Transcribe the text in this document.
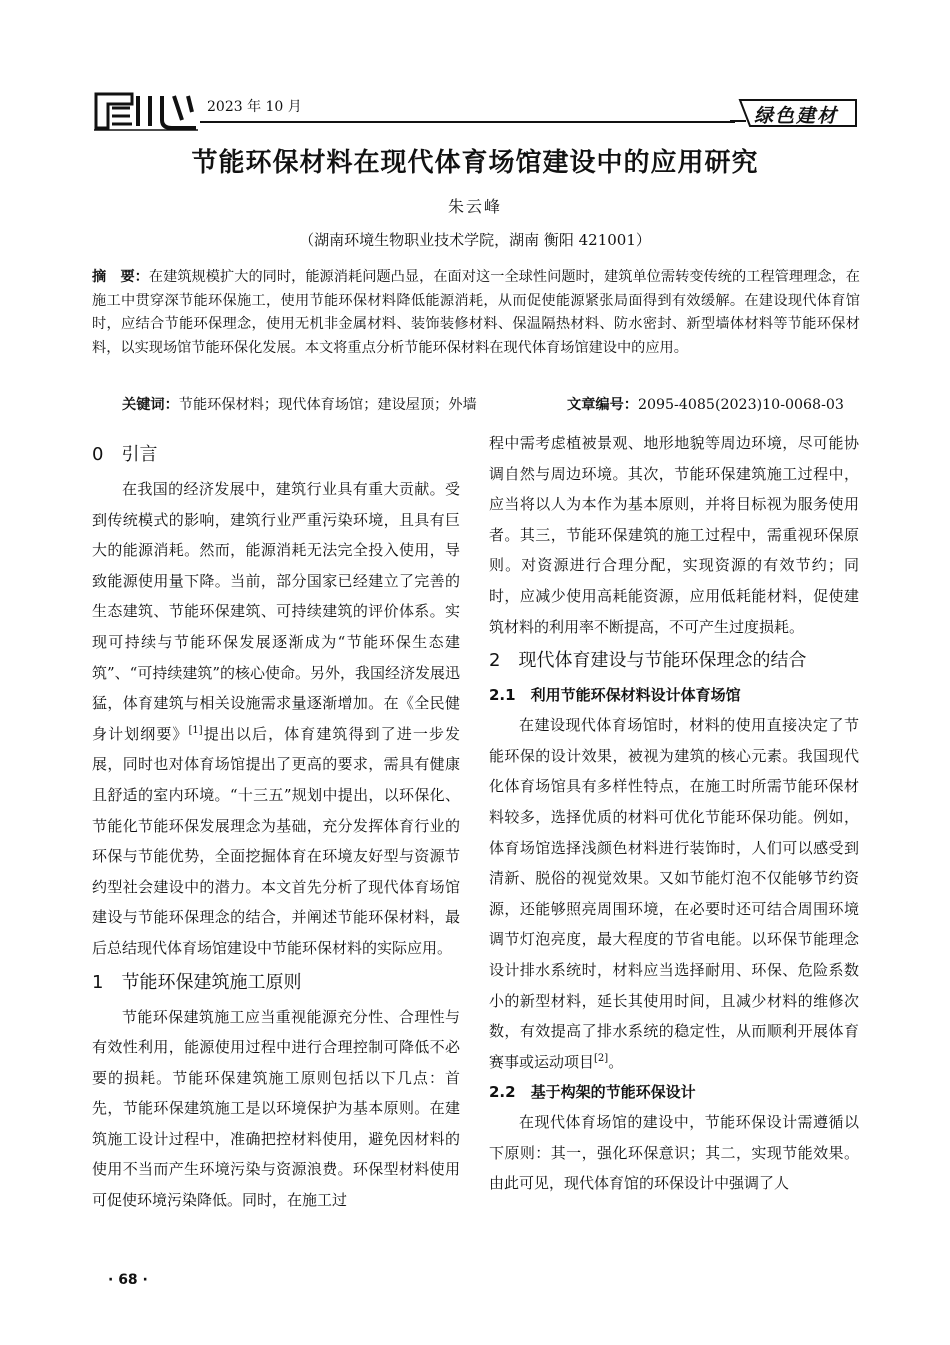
2023 年 10 月	绿色建材
节能环保材料在现代体育场馆建设中的应用研究
朱云峰
（湖南环境生物职业技术学院，湖南 衡阳 421001）
摘　要：在建筑规模扩大的同时，能源消耗问题凸显，在面对这一全球性问题时，建筑单位需转变传统的工程管理理念，在施工中贯穿深节能环保施工，使用节能环保材料降低能源消耗，从而促使能源紧张局面得到有效缓解。在建设现代体育馆时，应结合节能环保理念，使用无机非金属材料、装饰装修材料、保温隔热材料、防水密封、新型墙体材料等节能环保材料，以实现场馆节能环保化发展。本文将重点分析节能环保材料在现代体育场馆建设中的应用。
关键词：节能环保材料；现代体育场馆；建设屋顶；外墙	文章编号：2095-4085(2023)10-0068-03
0　引言

在我国的经济发展中，建筑行业具有重大贡献。受到传统模式的影响，建筑行业严重污染环境，且具有巨大的能源消耗。然而，能源消耗无法完全投入使用，导致能源使用量下降。当前，部分国家已经建立了完善的生态建筑、节能环保建筑、可持续建筑的评价体系。实现可持续与节能环保发展逐渐成为“节能环保生态建筑”、“可持续建筑”的核心使命。另外，我国经济发展迅猛，体育建筑与相关设施需求量逐渐增加。在《全民健身计划纲要》[1]提出以后，体育建筑得到了进一步发展，同时也对体育场馆提出了更高的要求，需具有健康且舒适的室内环境。“十三五”规划中提出，以环保化、节能化节能环保发展理念为基础，充分发挥体育行业的环保与节能优势，全面挖掘体育在环境友好型与资源节约型社会建设中的潜力。本文首先分析了现代体育场馆建设与节能环保理念的结合，并阐述节能环保材料，最后总结现代体育场馆建设中节能环保材料的实际应用。

1　节能环保建筑施工原则

节能环保建筑施工应当重视能源充分性、合理性与有效性利用，能源使用过程中进行合理控制可降低不必要的损耗。节能环保建筑施工原则包括以下几点：首先，节能环保建筑施工是以环境保护为基本原则。在建筑施工设计过程中，准确把控材料使用，避免因材料的使用不当而产生环境污染与资源浪费。环保型材料使用可促使环境污染降低。同时，在施工过

程中需考虑植被景观、地形地貌等周边环境，尽可能协调自然与周边环境。其次，节能环保建筑施工过程中，应当将以人为本作为基本原则，并将目标视为服务使用者。其三，节能环保建筑的施工过程中，需重视环保原则。对资源进行合理分配，实现资源的有效节约；同时，应减少使用高耗能资源，应用低耗能材料，促使建筑材料的利用率不断提高，不可产生过度损耗。

2　现代体育建设与节能环保理念的结合
2.1　利用节能环保材料设计体育场馆

在建设现代体育场馆时，材料的使用直接决定了节能环保的设计效果，被视为建筑的核心元素。我国现代化体育场馆具有多样性特点，在施工时所需节能环保材料较多，选择优质的材料可优化节能环保功能。例如，体育场馆选择浅颜色材料进行装饰时，人们可以感受到清新、脱俗的视觉效果。又如节能灯泡不仅能够节约资源，还能够照亮周围环境，在必要时还可结合周围环境调节灯泡亮度，最大程度的节省电能。以环保节能理念设计排水系统时，材料应当选择耐用、环保、危险系数小的新型材料，延长其使用时间，且减少材料的维修次数，有效提高了排水系统的稳定性，从而顺利开展体育赛事或运动项目[2]。

2.2　基于构架的节能环保设计

在现代体育场馆的建设中，节能环保设计需遵循以下原则：其一，强化环保意识；其二，实现节能效果。由此可见，现代体育馆的环保设计中强调了人

· 68 ·
